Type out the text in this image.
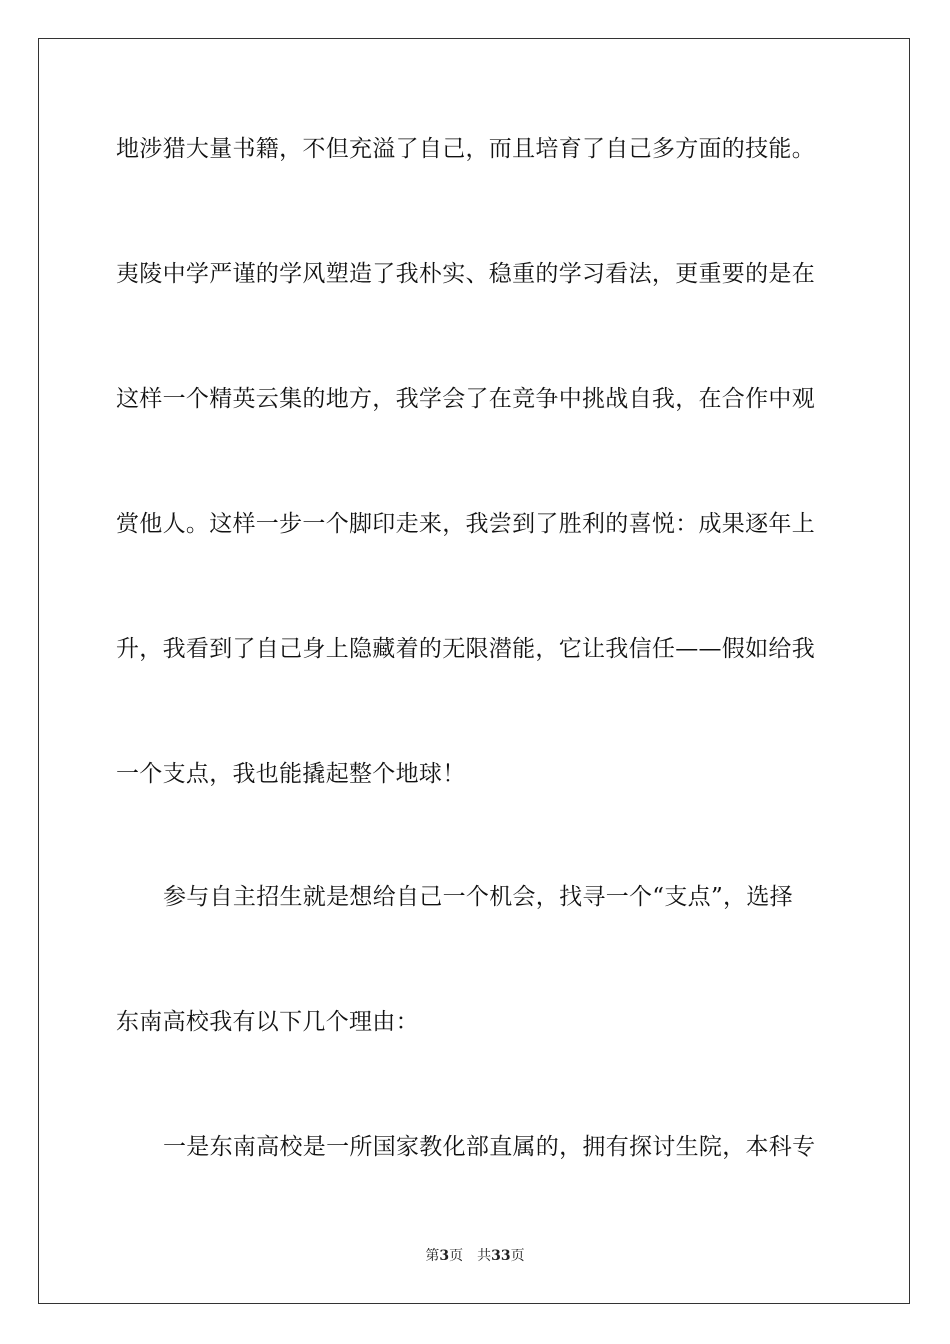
地涉猎大量书籍，不但充溢了自己，而且培育了自己多方面的技能。
夷陵中学严谨的学风塑造了我朴实、稳重的学习看法，更重要的是在
这样一个精英云集的地方，我学会了在竞争中挑战自我，在合作中观
赏他人。这样一步一个脚印走来，我尝到了胜利的喜悦：成果逐年上
升，我看到了自己身上隐藏着的无限潜能，它让我信任——假如给我
一个支点，我也能撬起整个地球！
参与自主招生就是想给自己一个机会，找寻一个“支点”，选择
东南高校我有以下几个理由：
一是东南高校是一所国家教化部直属的，拥有探讨生院，本科专
第3页 共33页
